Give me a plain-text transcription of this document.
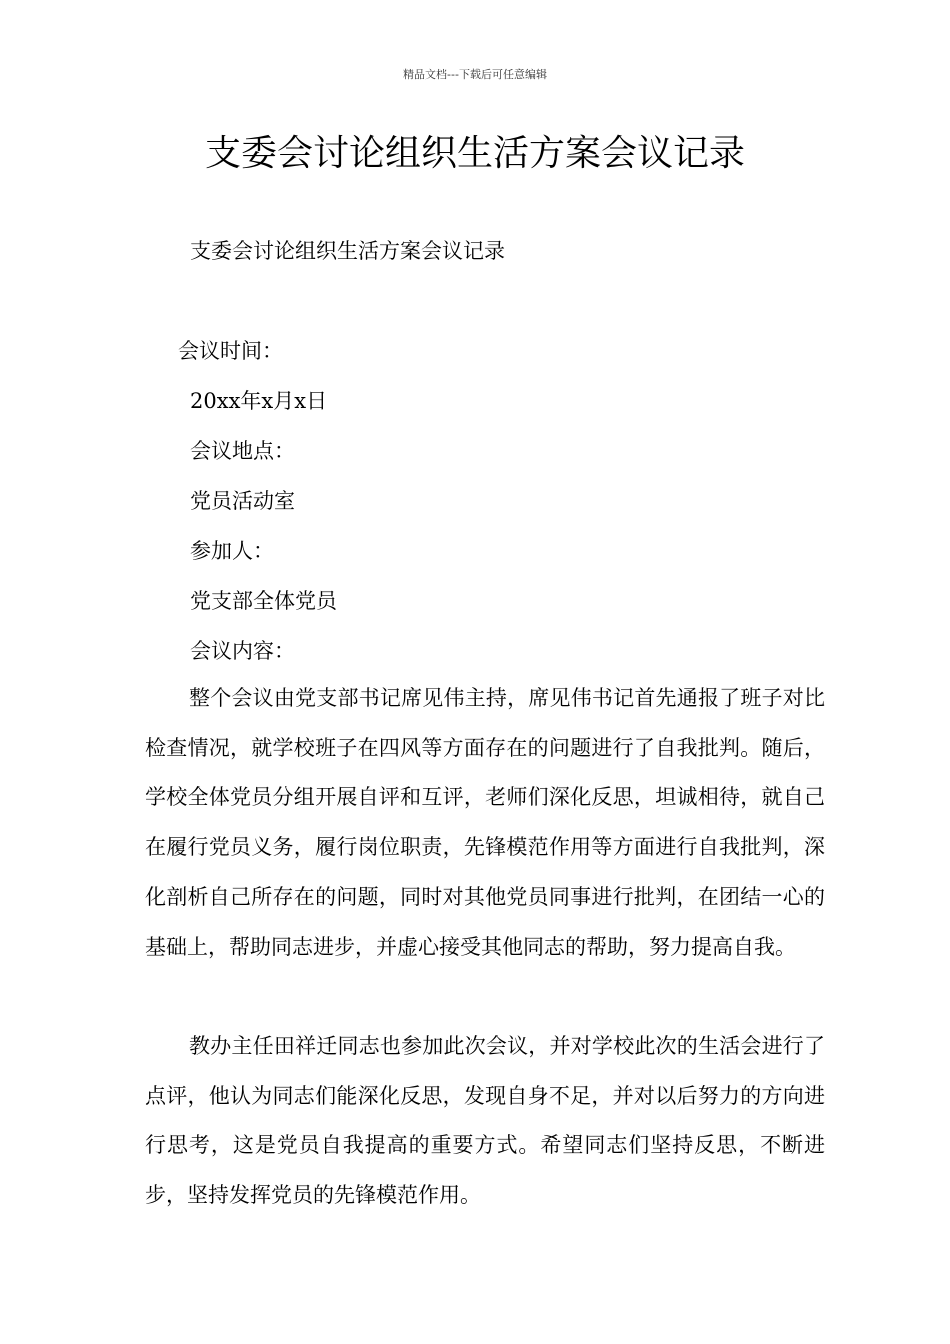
精品文档---下载后可任意编辑
支委会讨论组织生活方案会议记录
支委会讨论组织生活方案会议记录
会议时间：
20xx年x月x日
会议地点：
党员活动室
参加人：
党支部全体党员
会议内容：

整个会议由党支部书记席见伟主持，席见伟书记首先通报了班子对比检查情况，就学校班子在四风等方面存在的问题进行了自我批判。随后，学校全体党员分组开展自评和互评，老师们深化反思，坦诚相待，就自己在履行党员义务，履行岗位职责，先锋模范作用等方面进行自我批判，深化剖析自己所存在的问题，同时对其他党员同事进行批判，在团结一心的基础上，帮助同志进步，并虚心接受其他同志的帮助，努力提高自我。

教办主任田祥迁同志也参加此次会议，并对学校此次的生活会进行了点评，他认为同志们能深化反思，发现自身不足，并对以后努力的方向进行思考，这是党员自我提高的重要方式。希望同志们坚持反思，不断进步，坚持发挥党员的先锋模范作用。
